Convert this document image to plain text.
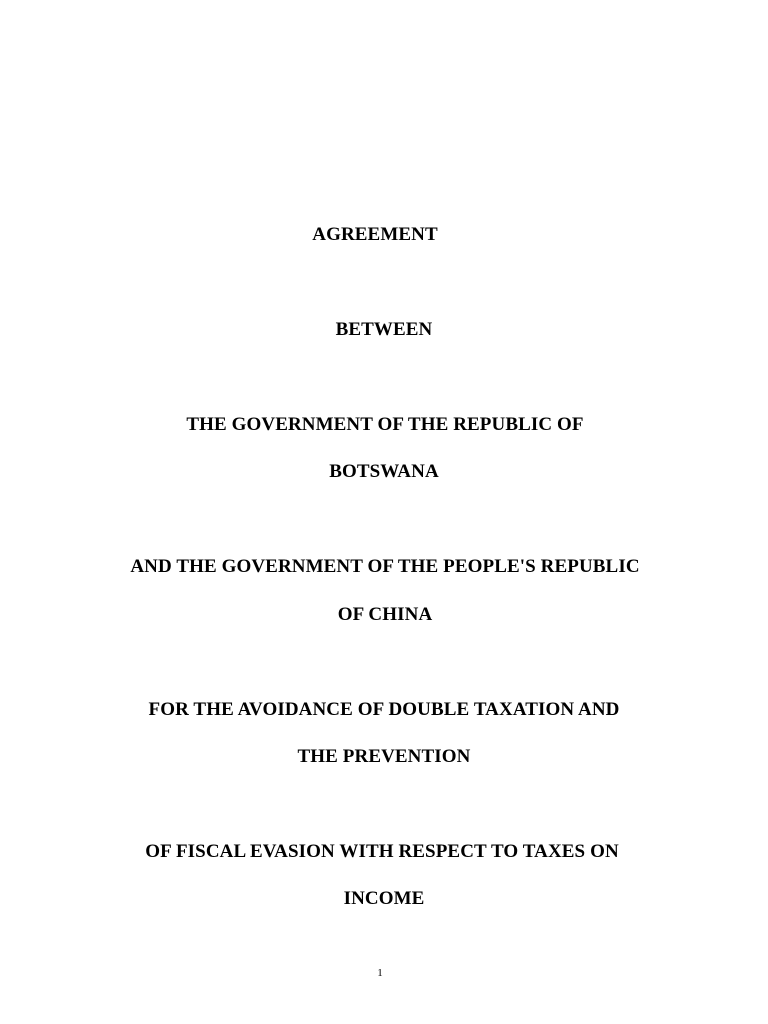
AGREEMENT
BETWEEN
THE GOVERNMENT OF THE REPUBLIC OF
BOTSWANA
AND THE GOVERNMENT OF THE PEOPLE'S REPUBLIC
OF CHINA
FOR THE AVOIDANCE OF DOUBLE TAXATION AND
THE PREVENTION
OF FISCAL EVASION WITH RESPECT TO TAXES ON
INCOME
1
